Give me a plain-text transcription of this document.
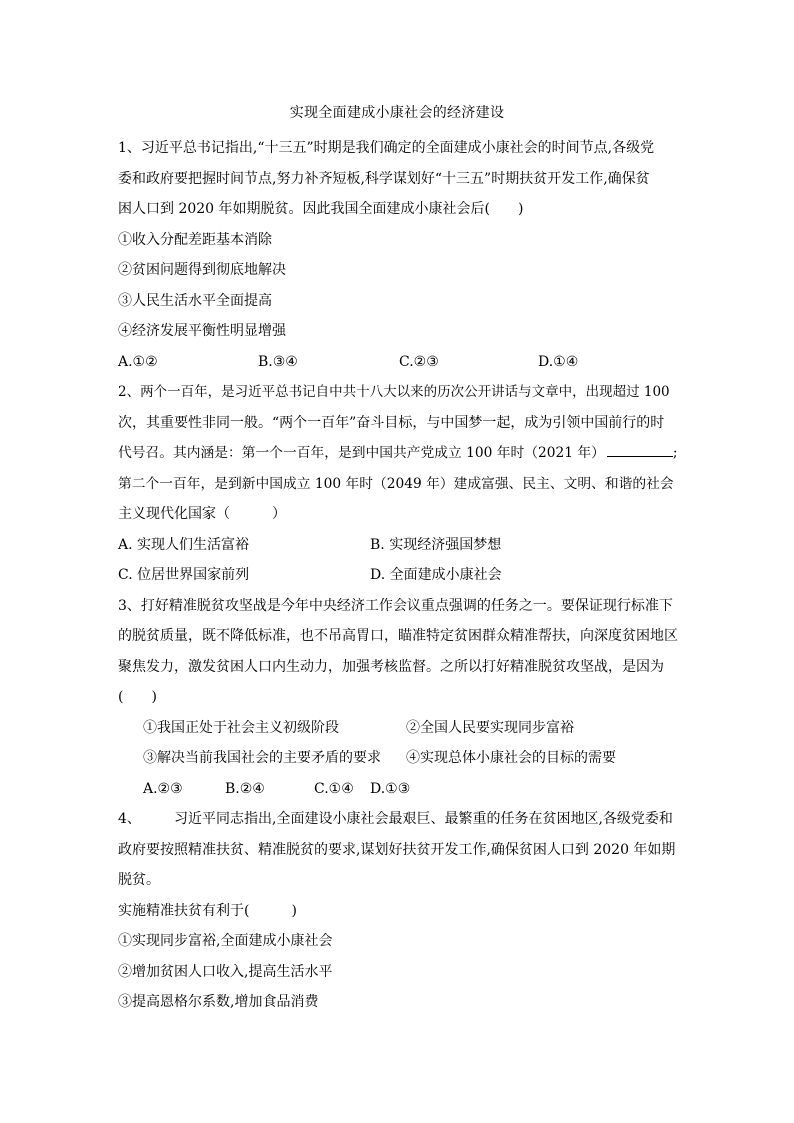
实现全面建成小康社会的经济建设
1、习近平总书记指出,“十三五”时期是我们确定的全面建成小康社会的时间节点,各级党
委和政府要把握时间节点,努力补齐短板,科学谋划好“十三五”时期扶贫开发工作,确保贫
困人口到 2020 年如期脱贫。因此我国全面建成小康社会后(　　)
①收入分配差距基本消除
②贫困问题得到彻底地解决
③人民生活水平全面提高
④经济发展平衡性明显增强
A.①②	B.③④	C.②③	D.①④
2、两个一百年，是习近平总书记自中共十八大以来的历次公开讲话与文章中，出现超过 100
次，其重要性非同一般。“两个一百年”奋斗目标，与中国梦一起，成为引领中国前行的时
代号召。其内涵是：第一个一百年，是到中国共产党成立 100 年时（2021 年）	;
第二个一百年，是到新中国成立 100 年时（2049 年）建成富强、民主、文明、和谐的社会
主义现代化国家（　　　）
A. 实现人们生活富裕	B. 实现经济强国梦想
C. 位居世界国家前列	D. 全面建成小康社会
3、打好精准脱贫攻坚战是今年中央经济工作会议重点强调的任务之一。要保证现行标准下
的脱贫质量，既不降低标准，也不吊高胃口，瞄准特定贫困群众精准帮扶，向深度贫困地区
聚焦发力，激发贫困人口内生动力，加强考核监督。之所以打好精准脱贫攻坚战，是因为
(　　)
①我国正处于社会主义初级阶段	②全国人民要实现同步富裕
③解决当前我国社会的主要矛盾的要求 ④实现总体小康社会的目标的需要
A.②③	B.②④	C.①④ D.①③
4、 习近平同志指出,全面建设小康社会最艰巨、最繁重的任务在贫困地区,各级党委和
政府要按照精准扶贫、精准脱贫的要求,谋划好扶贫开发工作,确保贫困人口到 2020 年如期
脱贫。
实施精准扶贫有利于(　　　)
①实现同步富裕,全面建成小康社会
②增加贫困人口收入,提高生活水平
③提高恩格尔系数,增加食品消费
